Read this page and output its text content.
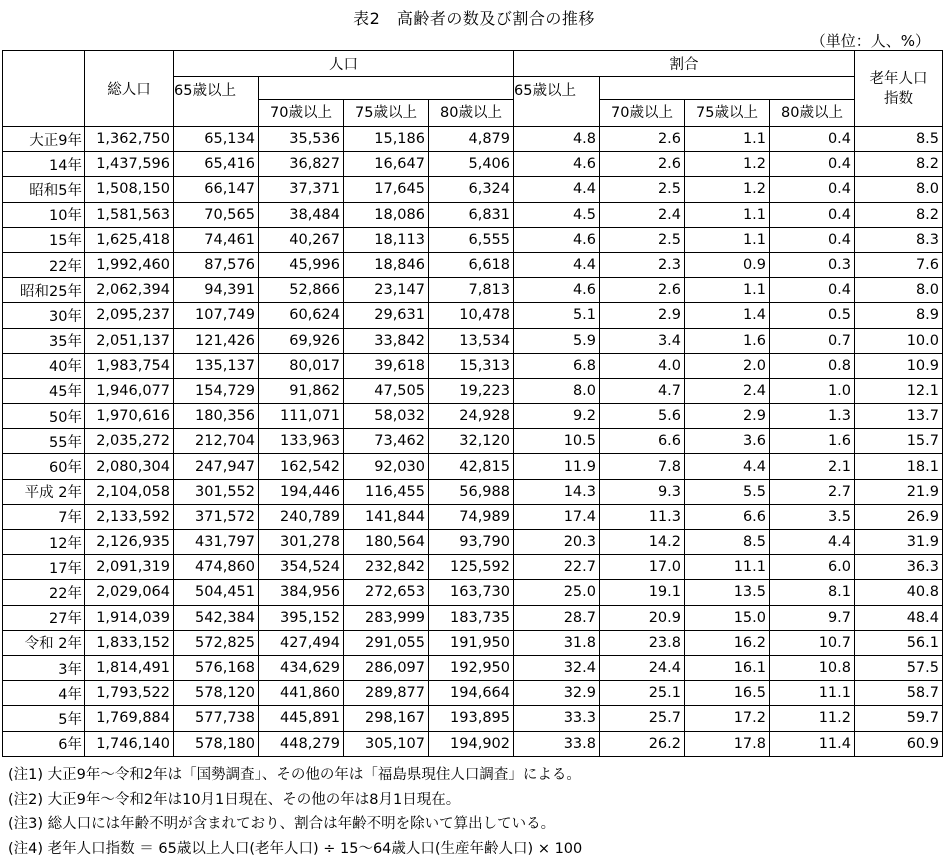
表2　高齢者の数及び割合の推移
（単位：人、%）
	総人口	人口				割合				老年人口
指数
		65歳以上				65歳以上				
			70歳以上	75歳以上	80歳以上		70歳以上	75歳以上	80歳以上	
大正9年	1,362,750	65,134	35,536	15,186	4,879	4.8	2.6	1.1	0.4	8.5
14年	1,437,596	65,416	36,827	16,647	5,406	4.6	2.6	1.2	0.4	8.2
昭和5年	1,508,150	66,147	37,371	17,645	6,324	4.4	2.5	1.2	0.4	8.0
10年	1,581,563	70,565	38,484	18,086	6,831	4.5	2.4	1.1	0.4	8.2
15年	1,625,418	74,461	40,267	18,113	6,555	4.6	2.5	1.1	0.4	8.3
22年	1,992,460	87,576	45,996	18,846	6,618	4.4	2.3	0.9	0.3	7.6
昭和25年	2,062,394	94,391	52,866	23,147	7,813	4.6	2.6	1.1	0.4	8.0
30年	2,095,237	107,749	60,624	29,631	10,478	5.1	2.9	1.4	0.5	8.9
35年	2,051,137	121,426	69,926	33,842	13,534	5.9	3.4	1.6	0.7	10.0
40年	1,983,754	135,137	80,017	39,618	15,313	6.8	4.0	2.0	0.8	10.9
45年	1,946,077	154,729	91,862	47,505	19,223	8.0	4.7	2.4	1.0	12.1
50年	1,970,616	180,356	111,071	58,032	24,928	9.2	5.6	2.9	1.3	13.7
55年	2,035,272	212,704	133,963	73,462	32,120	10.5	6.6	3.6	1.6	15.7
60年	2,080,304	247,947	162,542	92,030	42,815	11.9	7.8	4.4	2.1	18.1
平成 2年	2,104,058	301,552	194,446	116,455	56,988	14.3	9.3	5.5	2.7	21.9
7年	2,133,592	371,572	240,789	141,844	74,989	17.4	11.3	6.6	3.5	26.9
12年	2,126,935	431,797	301,278	180,564	93,790	20.3	14.2	8.5	4.4	31.9
17年	2,091,319	474,860	354,524	232,842	125,592	22.7	17.0	11.1	6.0	36.3
22年	2,029,064	504,451	384,956	272,653	163,730	25.0	19.1	13.5	8.1	40.8
27年	1,914,039	542,384	395,152	283,999	183,735	28.7	20.9	15.0	9.7	48.4
令和 2年	1,833,152	572,825	427,494	291,055	191,950	31.8	23.8	16.2	10.7	56.1
3年	1,814,491	576,168	434,629	286,097	192,950	32.4	24.4	16.1	10.8	57.5
4年	1,793,522	578,120	441,860	289,877	194,664	32.9	25.1	16.5	11.1	58.7
5年	1,769,884	577,738	445,891	298,167	193,895	33.3	25.7	17.2	11.2	59.7
6年	1,746,140	578,180	448,279	305,107	194,902	33.8	26.2	17.8	11.4	60.9
(注1) 大正9年～令和2年は「国勢調査」、その他の年は「福島県現住人口調査」による。
(注2) 大正9年～令和2年は10月1日現在、その他の年は8月1日現在。
(注3) 総人口には年齢不明が含まれており、割合は年齢不明を除いて算出している。
(注4) 老年人口指数 ＝ 65歳以上人口(老年人口) ÷ 15～64歳人口(生産年齢人口) × 100
